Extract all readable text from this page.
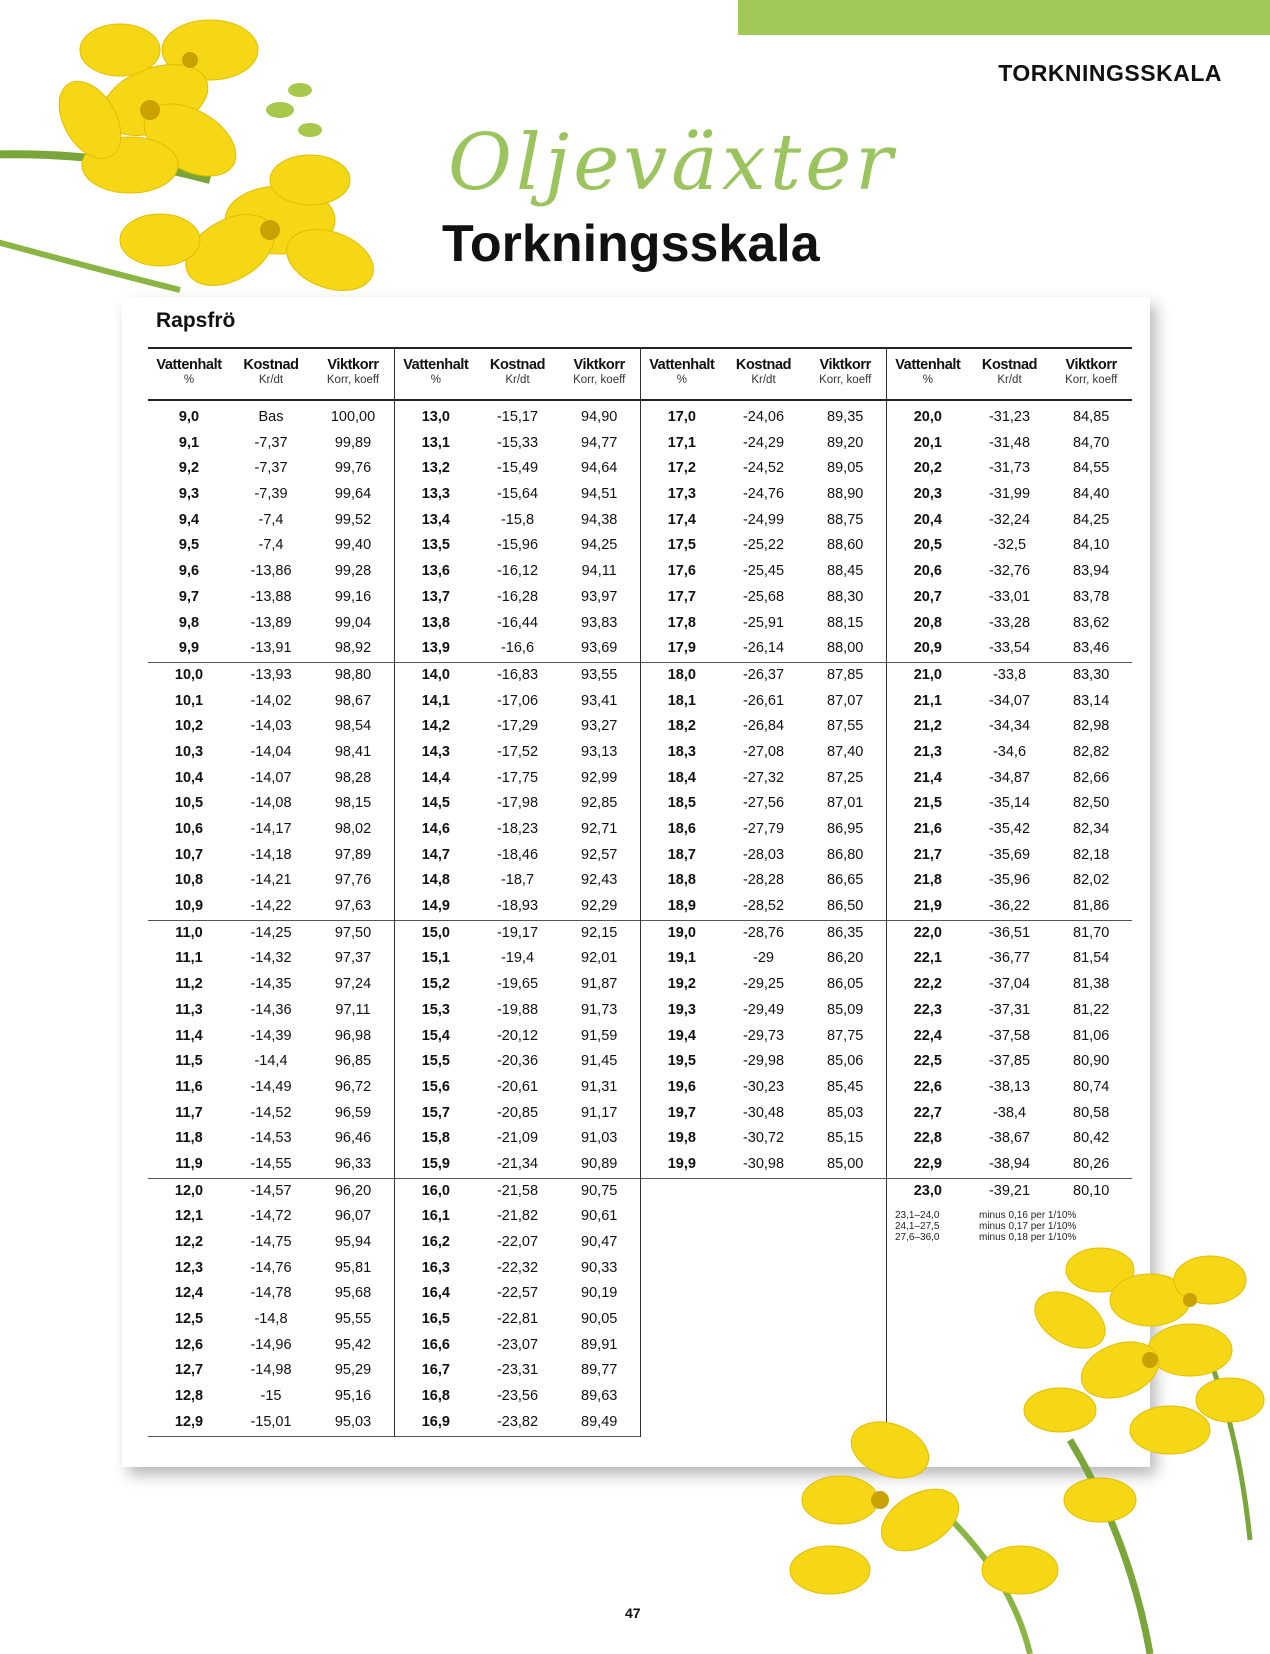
TORKNINGSSKALA
Oljeväxter
Torkningsskala
Rapsfrö
Vattenhalt
%
Kostnad
Kr/dt
Viktkorr
Korr, koeff
9,0	Bas	100,00
9,1	-7,37	99,89
9,2	-7,37	99,76
9,3	-7,39	99,64
9,4	-7,4	99,52
9,5	-7,4	99,40
9,6	-13,86	99,28
9,7	-13,88	99,16
9,8	-13,89	99,04
9,9	-13,91	98,92
10,0	-13,93	98,80
10,1	-14,02	98,67
10,2	-14,03	98,54
10,3	-14,04	98,41
10,4	-14,07	98,28
10,5	-14,08	98,15
10,6	-14,17	98,02
10,7	-14,18	97,89
10,8	-14,21	97,76
10,9	-14,22	97,63
11,0	-14,25	97,50
11,1	-14,32	97,37
11,2	-14,35	97,24
11,3	-14,36	97,11
11,4	-14,39	96,98
11,5	-14,4	96,85
11,6	-14,49	96,72
11,7	-14,52	96,59
11,8	-14,53	96,46
11,9	-14,55	96,33
12,0	-14,57	96,20
12,1	-14,72	96,07
12,2	-14,75	95,94
12,3	-14,76	95,81
12,4	-14,78	95,68
12,5	-14,8	95,55
12,6	-14,96	95,42
12,7	-14,98	95,29
12,8	-15	95,16
12,9	-15,01	95,03
Vattenhalt
%
Kostnad
Kr/dt
Viktkorr
Korr, koeff
13,0	-15,17	94,90
13,1	-15,33	94,77
13,2	-15,49	94,64
13,3	-15,64	94,51
13,4	-15,8	94,38
13,5	-15,96	94,25
13,6	-16,12	94,11
13,7	-16,28	93,97
13,8	-16,44	93,83
13,9	-16,6	93,69
14,0	-16,83	93,55
14,1	-17,06	93,41
14,2	-17,29	93,27
14,3	-17,52	93,13
14,4	-17,75	92,99
14,5	-17,98	92,85
14,6	-18,23	92,71
14,7	-18,46	92,57
14,8	-18,7	92,43
14,9	-18,93	92,29
15,0	-19,17	92,15
15,1	-19,4	92,01
15,2	-19,65	91,87
15,3	-19,88	91,73
15,4	-20,12	91,59
15,5	-20,36	91,45
15,6	-20,61	91,31
15,7	-20,85	91,17
15,8	-21,09	91,03
15,9	-21,34	90,89
16,0	-21,58	90,75
16,1	-21,82	90,61
16,2	-22,07	90,47
16,3	-22,32	90,33
16,4	-22,57	90,19
16,5	-22,81	90,05
16,6	-23,07	89,91
16,7	-23,31	89,77
16,8	-23,56	89,63
16,9	-23,82	89,49
Vattenhalt
%
Kostnad
Kr/dt
Viktkorr
Korr, koeff
17,0	-24,06	89,35
17,1	-24,29	89,20
17,2	-24,52	89,05
17,3	-24,76	88,90
17,4	-24,99	88,75
17,5	-25,22	88,60
17,6	-25,45	88,45
17,7	-25,68	88,30
17,8	-25,91	88,15
17,9	-26,14	88,00
18,0	-26,37	87,85
18,1	-26,61	87,07
18,2	-26,84	87,55
18,3	-27,08	87,40
18,4	-27,32	87,25
18,5	-27,56	87,01
18,6	-27,79	86,95
18,7	-28,03	86,80
18,8	-28,28	86,65
18,9	-28,52	86,50
19,0	-28,76	86,35
19,1	-29	86,20
19,2	-29,25	86,05
19,3	-29,49	85,09
19,4	-29,73	87,75
19,5	-29,98	85,06
19,6	-30,23	85,45
19,7	-30,48	85,03
19,8	-30,72	85,15
19,9	-30,98	85,00
Vattenhalt
%
Kostnad
Kr/dt
Viktkorr
Korr, koeff
20,0	-31,23	84,85
20,1	-31,48	84,70
20,2	-31,73	84,55
20,3	-31,99	84,40
20,4	-32,24	84,25
20,5	-32,5	84,10
20,6	-32,76	83,94
20,7	-33,01	83,78
20,8	-33,28	83,62
20,9	-33,54	83,46
21,0	-33,8	83,30
21,1	-34,07	83,14
21,2	-34,34	82,98
21,3	-34,6	82,82
21,4	-34,87	82,66
21,5	-35,14	82,50
21,6	-35,42	82,34
21,7	-35,69	82,18
21,8	-35,96	82,02
21,9	-36,22	81,86
22,0	-36,51	81,70
22,1	-36,77	81,54
22,2	-37,04	81,38
22,3	-37,31	81,22
22,4	-37,58	81,06
22,5	-37,85	80,90
22,6	-38,13	80,74
22,7	-38,4	80,58
22,8	-38,67	80,42
22,9	-38,94	80,26
23,0	-39,21	80,10
23,1–24,0	minus 0,16 per 1/10%
24,1–27,5	minus 0,17 per 1/10%
27,6–36,0	minus 0,18 per 1/10%
47
